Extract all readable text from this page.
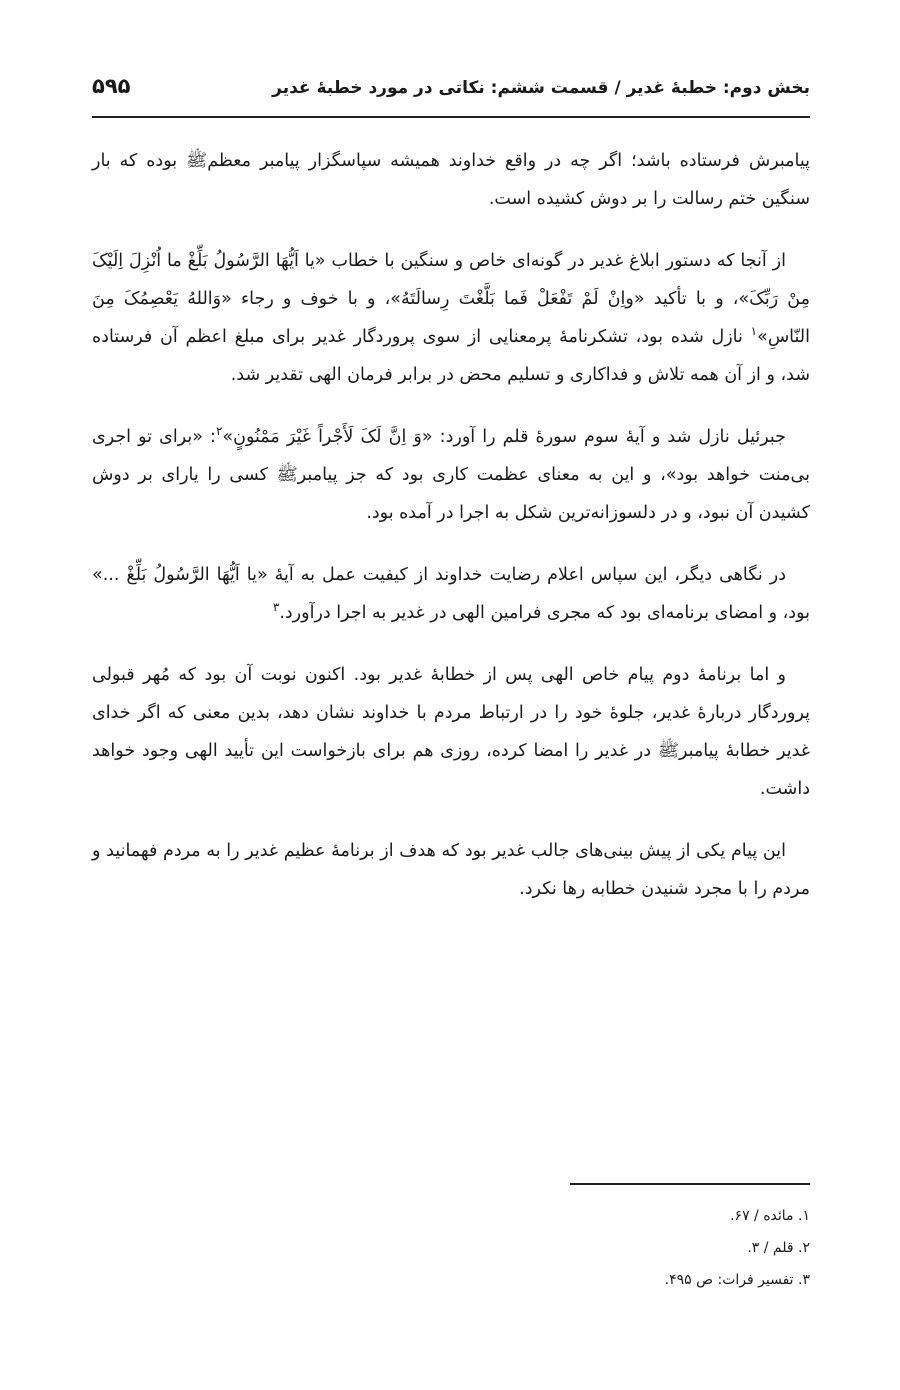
بخش دوم: خطبهٔ غدیر / قسمت ششم: نکاتی در مورد خطبهٔ غدیر
۵۹۵

پیامبرش فرستاده باشد؛ اگر چه در واقع خداوند همیشه سپاسگزار پیامبر معظمﷺ بوده که بار سنگین ختم رسالت را بر دوش کشیده است.

از آنجا که دستور ابلاغ غدیر در گونه‌ای خاص و سنگین با خطاب «یا اَیُّهَا الرَّسُولُ بَلِّغْ ما اُنْزِلَ اِلَیْکَ مِنْ رَبِّکَ»، و با تأکید «واِنْ لَمْ تَفْعَلْ فَما بَلَّغْتَ رِسالَتَهُ»، و با خوف و رجاء «وَاللهُ یَعْصِمُکَ مِنَ النّاسِ»$^۱$ نازل شده بود، تشکرنامهٔ پرمعنایی از سوی پروردگار غدیر برای مبلغ اعظم آن فرستاده شد، و از آن همه تلاش و فداکاری و تسلیم محض در برابر فرمان الهی تقدیر شد.

جبرئیل نازل شد و آیهٔ سوم سورهٔ قلم را آورد: «وَ اِنَّ لَکَ لَأَجْراً غَیْرَ مَمْنُونٍ»$^۲$: «برای تو اجری بی‌منت خواهد بود»، و این به معنای عظمت کاری بود که جز پیامبرﷺ کسی را یارای بر دوش کشیدن آن نبود، و در دلسوزانه‌ترین شکل به اجرا در آمده بود.

در نگاهی دیگر، این سپاس اعلام رضایت خداوند از کیفیت عمل به آیهٔ «یا اَیُّهَا الرَّسُولُ بَلِّغْ ...» بود، و امضای برنامه‌ای بود که مجری فرامین الهی در غدیر به اجرا درآورد.$^۳$

و اما برنامهٔ دوم پیام خاص الهی پس از خطابهٔ غدیر بود. اکنون نوبت آن بود که مُهر قبولی پروردگار دربارهٔ غدیر، جلوهٔ خود را در ارتباط مردم با خداوند نشان دهد، بدین معنی که اگر خدای غدیر خطابهٔ پیامبرﷺ در غدیر را امضا کرده، روزی هم برای بازخواست این تأیید الهی وجود خواهد داشت.

این پیام یکی از پیش بینی‌های جالب غدیر بود که هدف از برنامهٔ عظیم غدیر را به مردم فهمانید و مردم را با مجرد شنیدن خطابه رها نکرد.

۱. مائده / ۶۷.
۲. قلم / ۳.
۳. تفسیر فرات: ص ۴۹۵.
